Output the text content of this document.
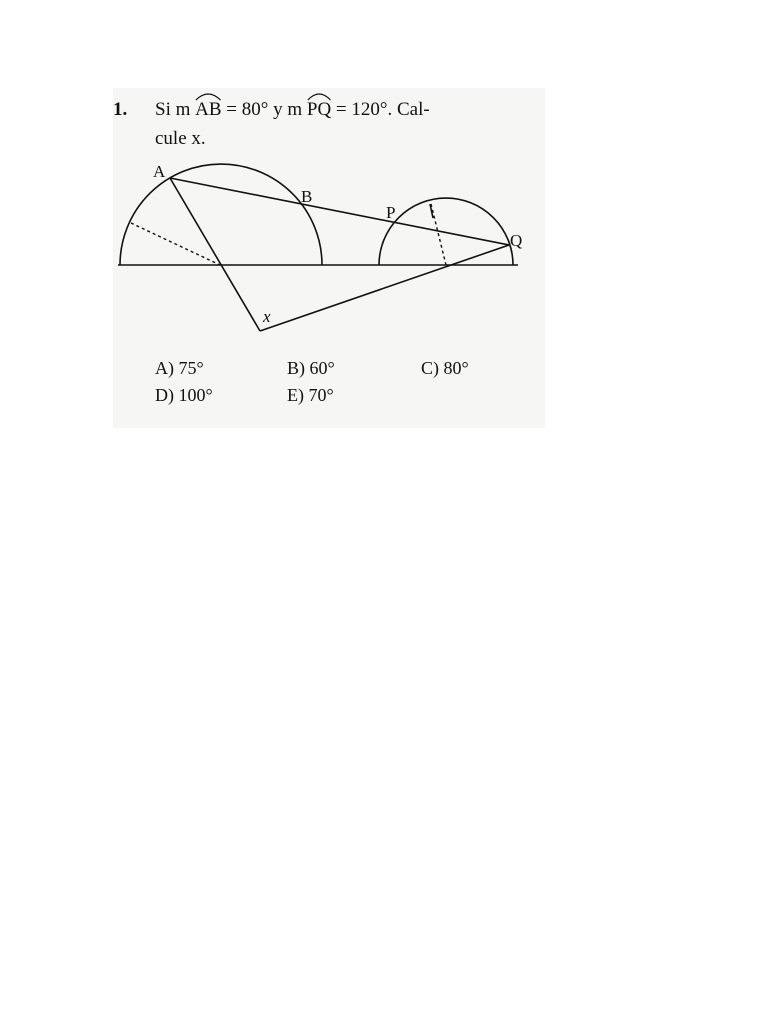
1. Si m AB = 80° y m PQ = 120°. Cal-
cule x.
A
B
P
Q
x
A) 75°	B) 60°	C) 80°
D) 100°	E) 70°
